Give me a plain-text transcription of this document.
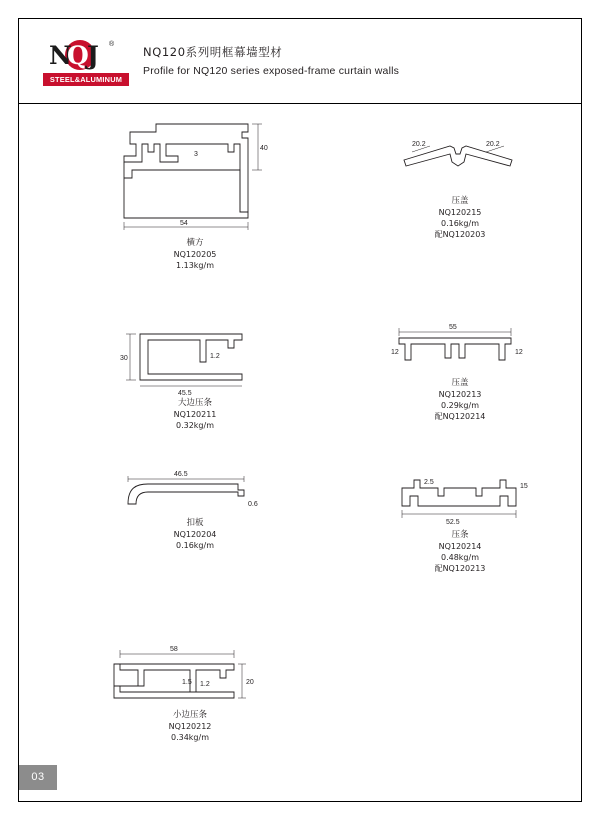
N
Q J ®
STEEL&ALUMINUM
NQ120系列明框幕墙型材
Profile for NQ120 series exposed-frame curtain walls
54
40
3
横方
NQ120205
1.13kg/m
20.2	20.2
压盖
NQ120215
0.16kg/m
配NQ120203
30
45.5
1.2
大边压条
NQ120211
0.32kg/m
55
12	12
压盖
NQ120213
0.29kg/m
配NQ120214
46.5
0.6
扣板
NQ120204
0.16kg/m
52.5
2.5
15
压条
NQ120214
0.48kg/m
配NQ120213
58
20
1.2
1.5
小边压条
NQ120212
0.34kg/m
03
